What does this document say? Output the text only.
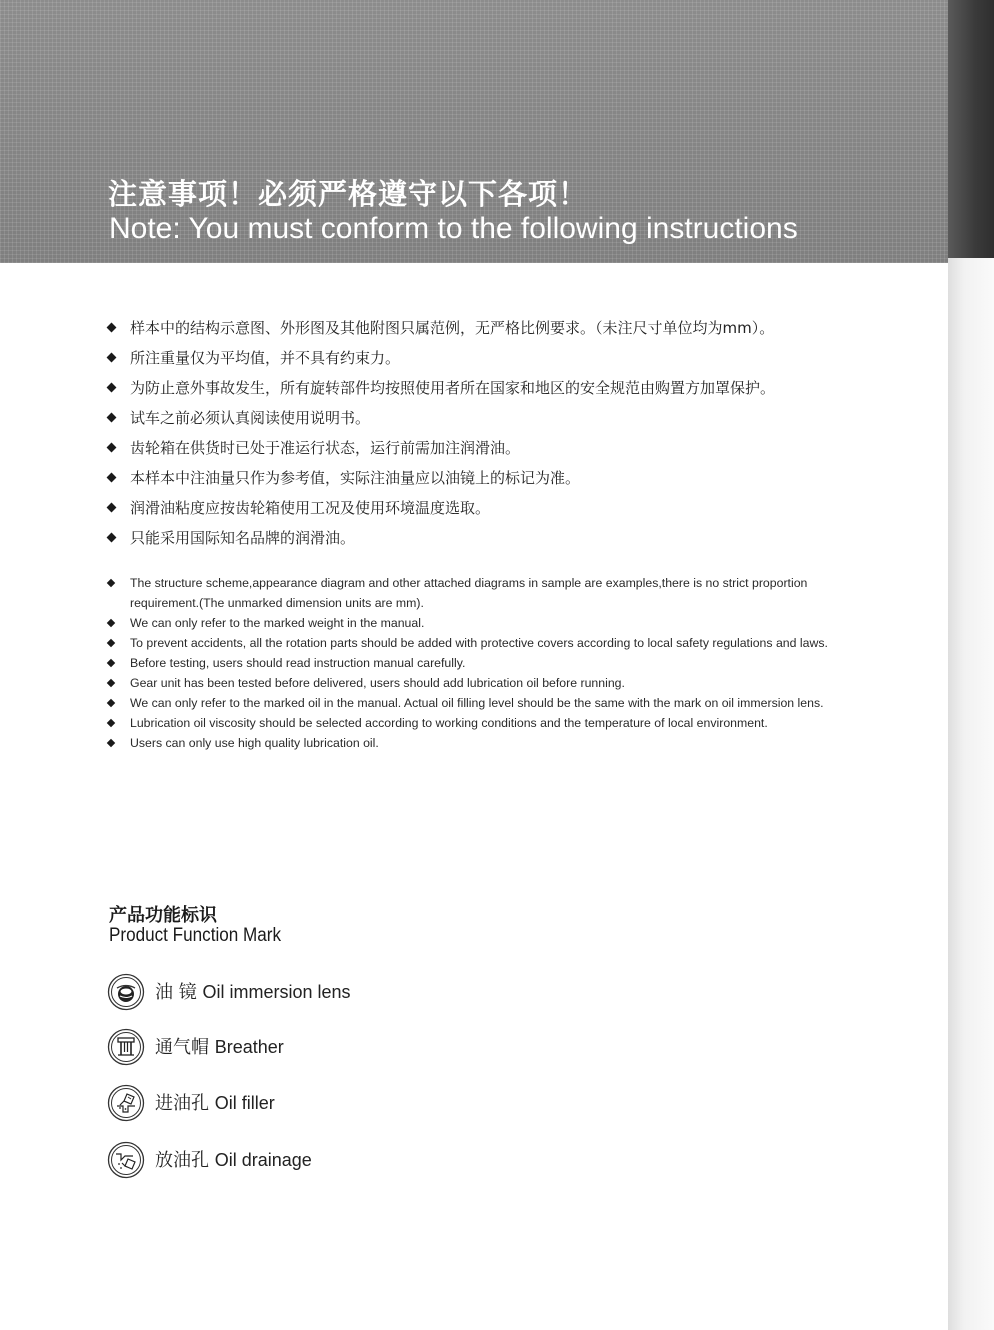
注意事项！必须严格遵守以下各项！
Note: You must conform to the following instructions
样本中的结构示意图、外形图及其他附图只属范例，无严格比例要求。（未注尺寸单位均为mm）。
所注重量仅为平均值，并不具有约束力。
为防止意外事故发生，所有旋转部件均按照使用者所在国家和地区的安全规范由购置方加罩保护。
试车之前必须认真阅读使用说明书。
齿轮箱在供货时已处于准运行状态，运行前需加注润滑油。
本样本中注油量只作为参考值，实际注油量应以油镜上的标记为准。
润滑油粘度应按齿轮箱使用工况及使用环境温度选取。
只能采用国际知名品牌的润滑油。
The structure scheme,appearance diagram and other attached diagrams in sample are examples,there is no strict proportion requirement.(The unmarked dimension units are mm).
We can only refer to the marked weight in the manual.
To prevent accidents, all the rotation parts should be added with protective covers according to local safety regulations and laws.
Before testing, users should read instruction manual carefully.
Gear unit has been tested before delivered, users should add lubrication oil before running.
We can only refer to the marked oil in the manual. Actual oil filling level should be the same with the mark on oil immersion lens.
Lubrication oil viscosity should be selected according to working conditions and the temperature of local environment.
Users can only use high quality lubrication oil.
产品功能标识
Product Function Mark
油 镜 Oil immersion lens
通气帽 Breather
进油孔 Oil filler
放油孔 Oil drainage
